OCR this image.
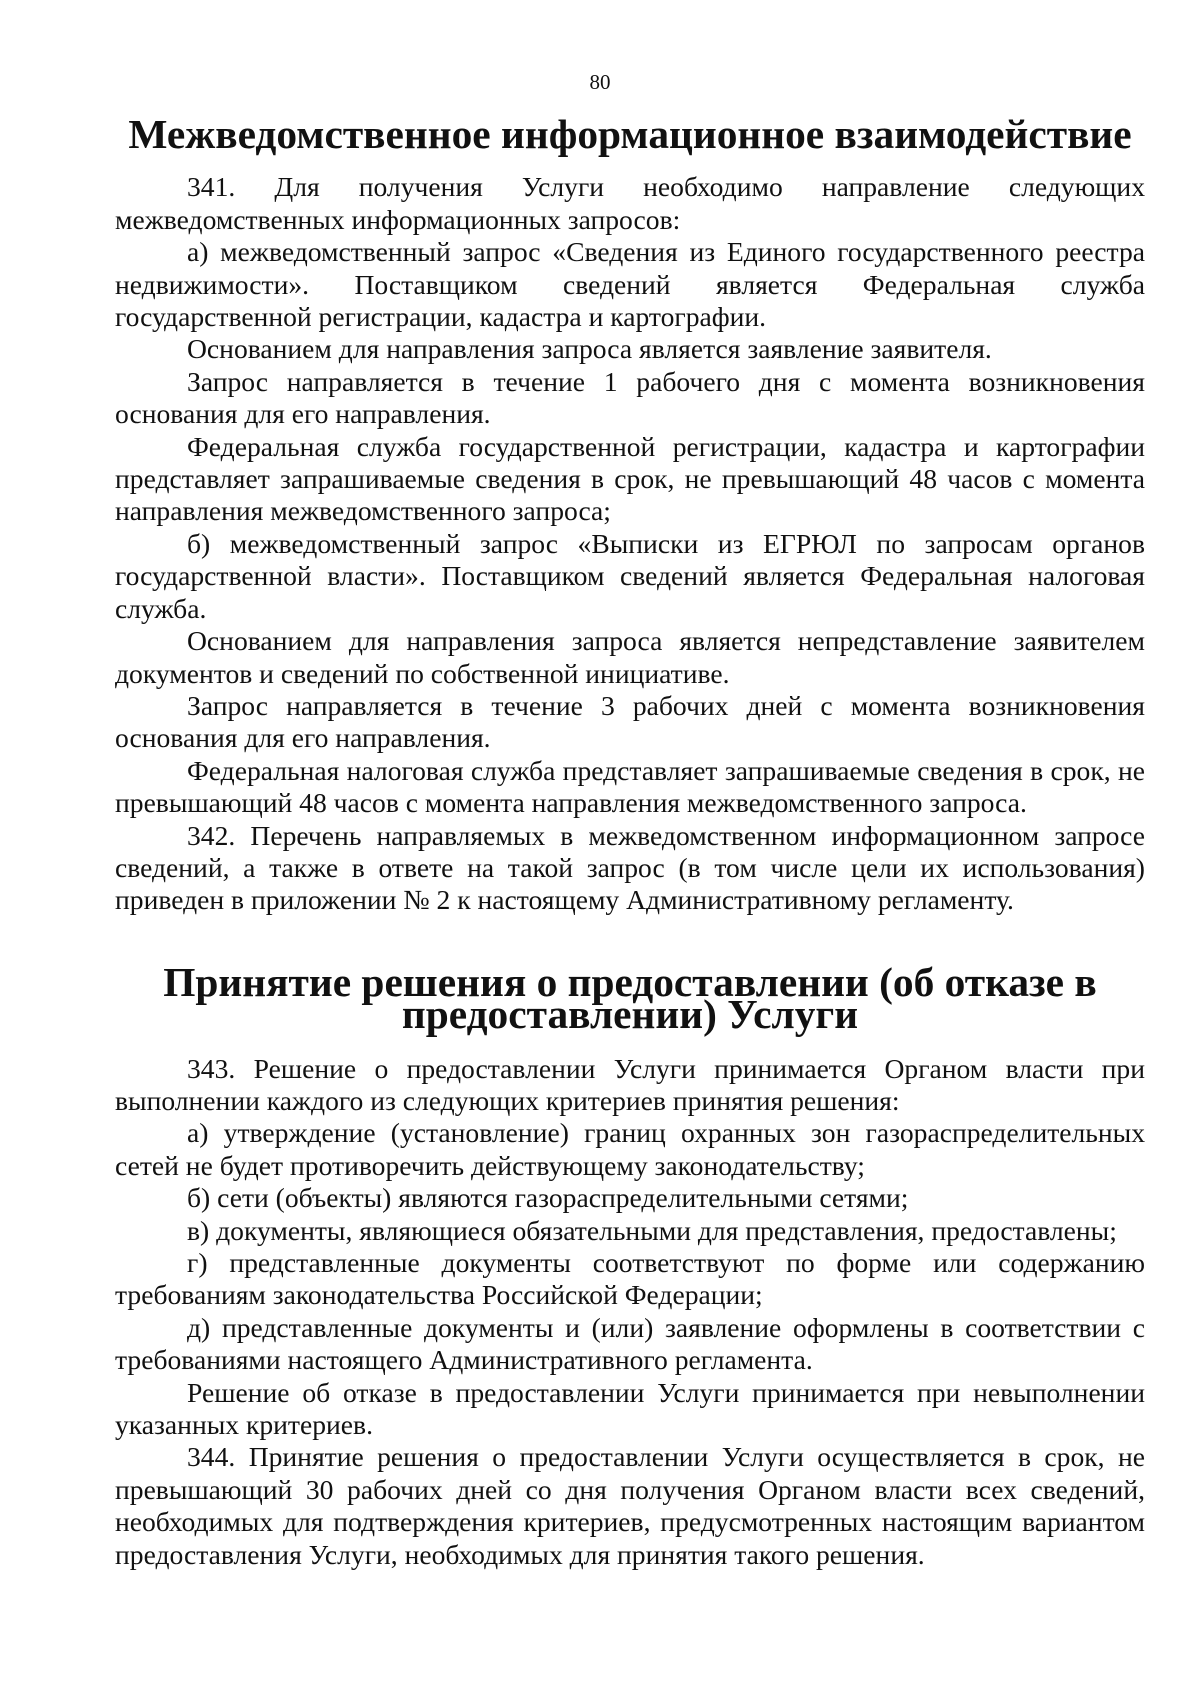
80
Межведомственное информационное взаимодействие

341. Для получения Услуги необходимо направление следующих межведомственных информационных запросов:

а) межведомственный запрос «Сведения из Единого государственного реестра недвижимости». Поставщиком сведений является Федеральная служба государственной регистрации, кадастра и картографии.

Основанием для направления запроса является заявление заявителя.

Запрос направляется в течение 1 рабочего дня с момента возникновения основания для его направления.

Федеральная служба государственной регистрации, кадастра и картографии представляет запрашиваемые сведения в срок, не превышающий 48 часов с момента направления межведомственного запроса;

б) межведомственный запрос «Выписки из ЕГРЮЛ по запросам органов государственной власти». Поставщиком сведений является Федеральная налоговая служба.

Основанием для направления запроса является непредставление заявителем документов и сведений по собственной инициативе.

Запрос направляется в течение 3 рабочих дней с момента возникновения основания для его направления.

Федеральная налоговая служба представляет запрашиваемые сведения в срок, не превышающий 48 часов с момента направления межведомственного запроса.

342. Перечень направляемых в межведомственном информационном запросе сведений, а также в ответе на такой запрос (в том числе цели их использования) приведен в приложении № 2 к настоящему Административному регламенту.

Принятие решения о предоставлении (об отказе в предоставлении) Услуги

343. Решение о предоставлении Услуги принимается Органом власти при выполнении каждого из следующих критериев принятия решения:

а) утверждение (установление) границ охранных зон газораспределительных сетей не будет противоречить действующему законодательству;

б) сети (объекты) являются газораспределительными сетями;

в) документы, являющиеся обязательными для представления, предоставлены;

г) представленные документы соответствуют по форме или содержанию требованиям законодательства Российской Федерации;

д) представленные документы и (или) заявление оформлены в соответствии с требованиями настоящего Административного регламента.

Решение об отказе в предоставлении Услуги принимается при невыполнении указанных критериев.

344. Принятие решения о предоставлении Услуги осуществляется в срок, не превышающий 30 рабочих дней со дня получения Органом власти всех сведений, необходимых для подтверждения критериев, предусмотренных настоящим вариантом предоставления Услуги, необходимых для принятия такого решения.
